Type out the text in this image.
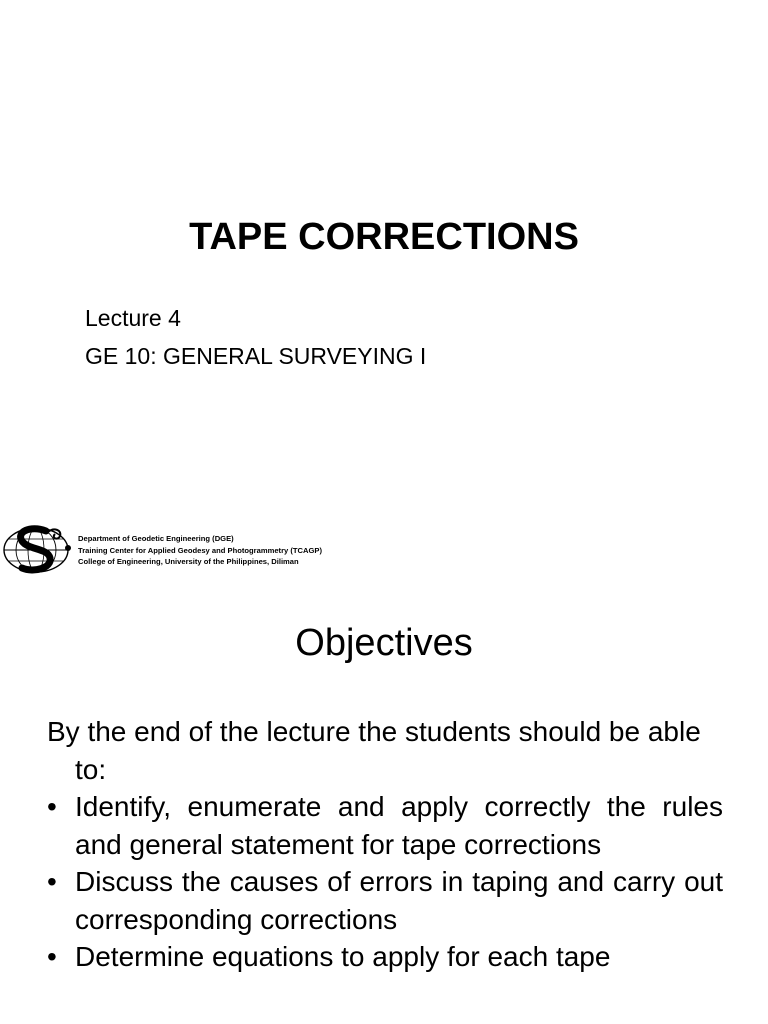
TAPE CORRECTIONS
Lecture 4
GE 10: GENERAL SURVEYING I
Department of Geodetic Engineering (DGE)
Training Center for Applied Geodesy and Photogrammetry (TCAGP)
College of Engineering, University of the Philippines, Diliman
Objectives
By the end of the lecture the students should be able to:
• Identify, enumerate and apply correctly the rules and general statement for tape corrections
• Discuss the causes of errors in taping and carry out corresponding corrections
• Determine equations to apply for each tape
